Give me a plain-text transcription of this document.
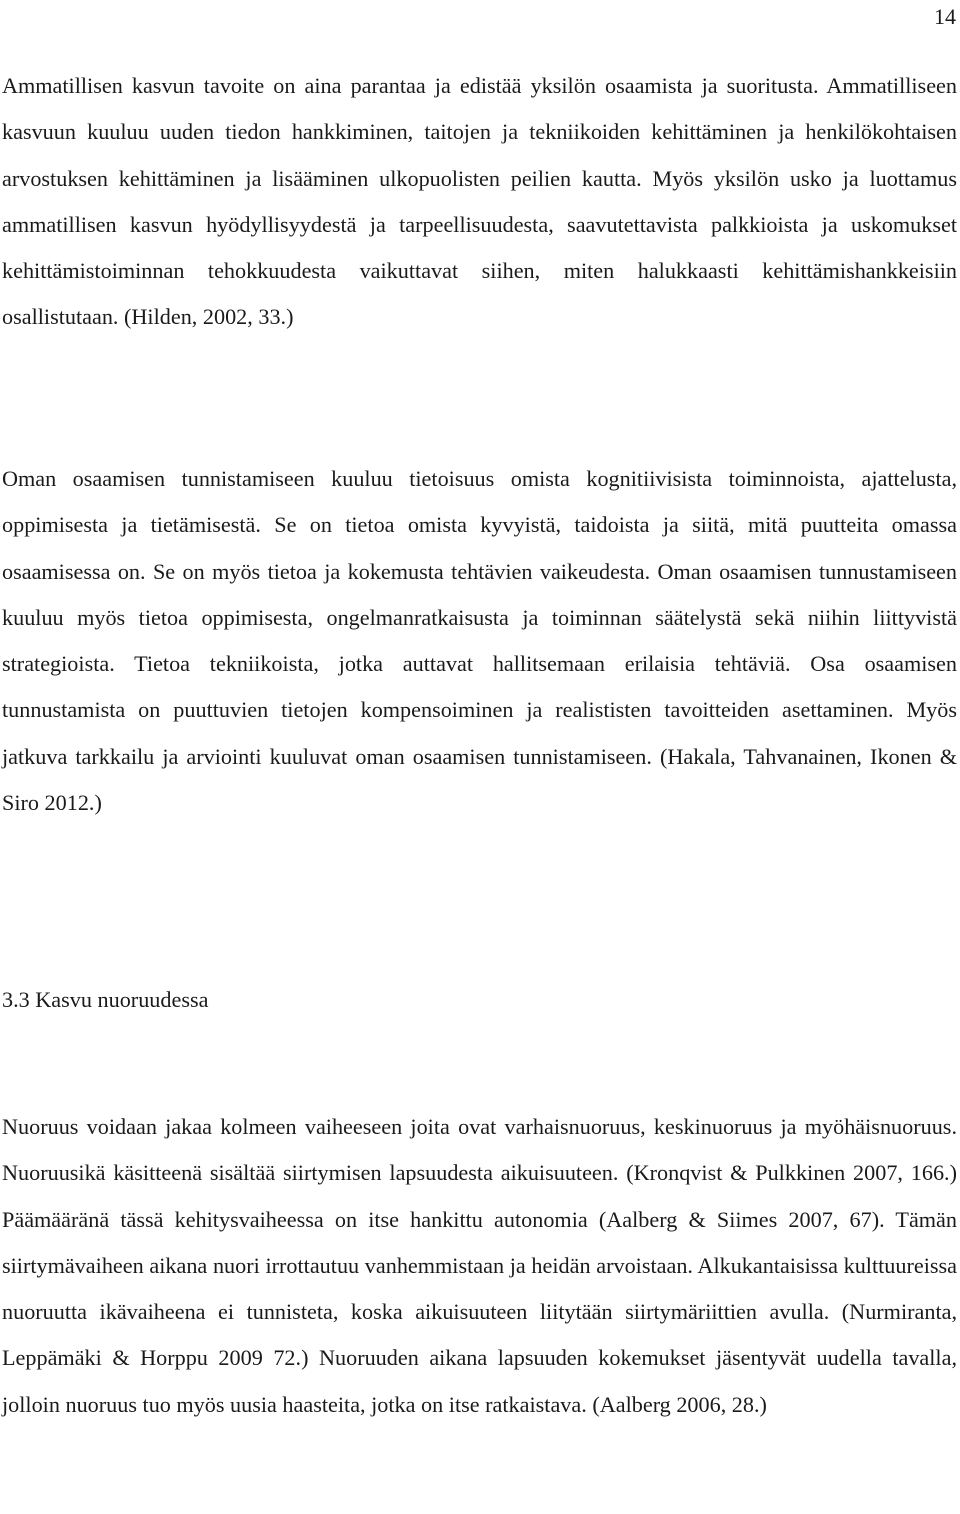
14

Ammatillisen kasvun tavoite on aina parantaa ja edistää yksilön osaamista ja suoritusta. Ammatilliseen kasvuun kuuluu uuden tiedon hankkiminen, taitojen ja tekniikoiden kehittäminen ja henkilökohtaisen arvostuksen kehittäminen ja lisääminen ulkopuolisten peilien kautta. Myös yksilön usko ja luottamus ammatillisen kasvun hyödyllisyydestä ja tarpeellisuudesta, saavutettavista palkkioista ja uskomukset kehittämistoiminnan tehokkuudesta vaikuttavat siihen, miten halukkaasti kehittämishankkeisiin osallistutaan. (Hilden, 2002, 33.)

Oman osaamisen tunnistamiseen kuuluu tietoisuus omista kognitiivisista toiminnoista, ajattelusta, oppimisesta ja tietämisestä. Se on tietoa omista kyvyistä, taidoista ja siitä, mitä puutteita omassa osaamisessa on. Se on myös tietoa ja kokemusta tehtävien vaikeudesta. Oman osaamisen tunnustamiseen kuuluu myös tietoa oppimisesta, ongelmanratkaisusta ja toiminnan säätelystä sekä niihin liittyvistä strategioista. Tietoa tekniikoista, jotka auttavat hallitsemaan erilaisia tehtäviä. Osa osaamisen tunnustamista on puuttuvien tietojen kompensoiminen ja realististen tavoitteiden asettaminen. Myös jatkuva tarkkailu ja arviointi kuuluvat oman osaamisen tunnistamiseen. (Hakala, Tahvanainen, Ikonen & Siro 2012.)

3.3 Kasvu nuoruudessa

Nuoruus voidaan jakaa kolmeen vaiheeseen joita ovat varhaisnuoruus, keskinuoruus ja myöhäisnuoruus. Nuoruusikä käsitteenä sisältää siirtymisen lapsuudesta aikuisuuteen. (Kronqvist & Pulkkinen 2007, 166.) Päämääränä tässä kehitysvaiheessa on itse hankittu autonomia (Aalberg & Siimes 2007, 67). Tämän siirtymävaiheen aikana nuori irrottautuu vanhemmistaan ja heidän arvoistaan. Alkukantaisissa kulttuureissa nuoruutta ikävaiheena ei tunnisteta, koska aikuisuuteen liitytään siirtymäriittien avulla. (Nurmiranta, Leppämäki & Horppu 2009 72.) Nuoruuden aikana lapsuuden kokemukset jäsentyvät uudella tavalla, jolloin nuoruus tuo myös uusia haasteita, jotka on itse ratkaistava. (Aalberg 2006, 28.)
